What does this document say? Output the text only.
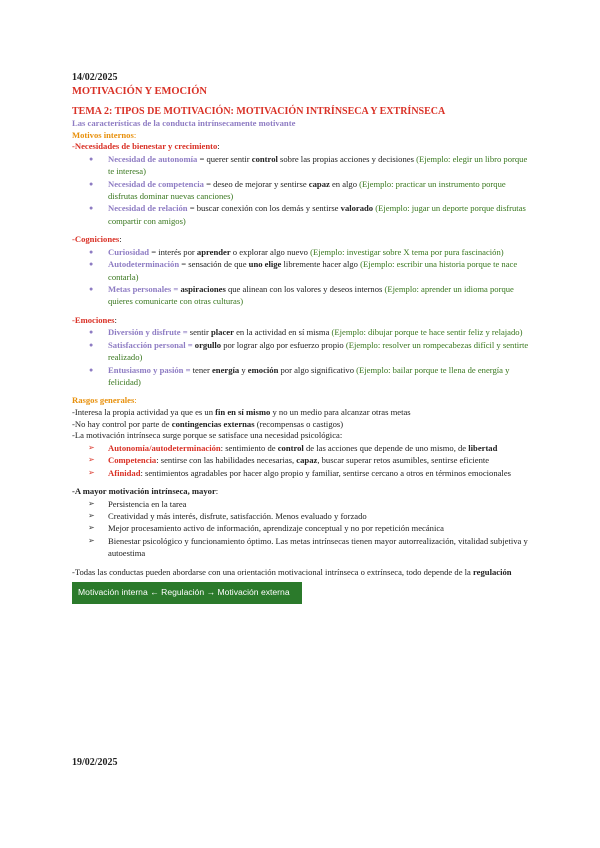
14/02/2025
MOTIVACIÓN Y EMOCIÓN
TEMA 2: TIPOS DE MOTIVACIÓN: MOTIVACIÓN INTRÍNSECA Y EXTRÍNSECA
Las características de la conducta intrínsecamente motivante
Motivos internos:
-Necesidades de bienestar y crecimiento:
● Necesidad de autonomía = querer sentir control sobre las propias acciones y decisiones (Ejemplo: elegir un libro porque te interesa)
● Necesidad de competencia = deseo de mejorar y sentirse capaz en algo (Ejemplo: practicar un instrumento porque disfrutas dominar nuevas canciones)
● Necesidad de relación = buscar conexión con los demás y sentirse valorado (Ejemplo: jugar un deporte porque disfrutas compartir con amigos)
-Cogniciones:
● Curiosidad = interés por aprender o explorar algo nuevo (Ejemplo: investigar sobre X tema por pura fascinación)
● Autodeterminación = sensación de que uno elige libremente hacer algo (Ejemplo: escribir una historia porque te nace contarla)
● Metas personales = aspiraciones que alinean con los valores y deseos internos (Ejemplo: aprender un idioma porque quieres comunicarte con otras culturas)
-Emociones:
● Diversión y disfrute = sentir placer en la actividad en sí misma (Ejemplo: dibujar porque te hace sentir feliz y relajado)
● Satisfacción personal = orgullo por lograr algo por esfuerzo propio (Ejemplo: resolver un rompecabezas difícil y sentirte realizado)
● Entusiasmo y pasión = tener energía y emoción por algo significativo (Ejemplo: bailar porque te llena de energía y felicidad)
Rasgos generales:
-Interesa la propia actividad ya que es un fin en sí mismo y no un medio para alcanzar otras metas
-No hay control por parte de contingencias externas (recompensas o castigos)
-La motivación intrínseca surge porque se satisface una necesidad psicológica:
➢ Autonomía/autodeterminación: sentimiento de control de las acciones que depende de uno mismo, de libertad
➢ Competencia: sentirse con las habilidades necesarias, capaz, buscar superar retos asumibles, sentirse eficiente
➢ Afinidad: sentimientos agradables por hacer algo propio y familiar, sentirse cercano a otros en términos emocionales
-A mayor motivación intrínseca, mayor:
➢ Persistencia en la tarea
➢ Creatividad y más interés, disfrute, satisfacción. Menos evaluado y forzado
➢ Mejor procesamiento activo de información, aprendizaje conceptual y no por repetición mecánica
➢ Bienestar psicológico y funcionamiento óptimo. Las metas intrínsecas tienen mayor autorrealización, vitalidad subjetiva y autoestima
-Todas las conductas pueden abordarse con una orientación motivacional intrínseca o extrínseca, todo depende de la regulación
Motivación interna ← Regulación → Motivación externa
19/02/2025
